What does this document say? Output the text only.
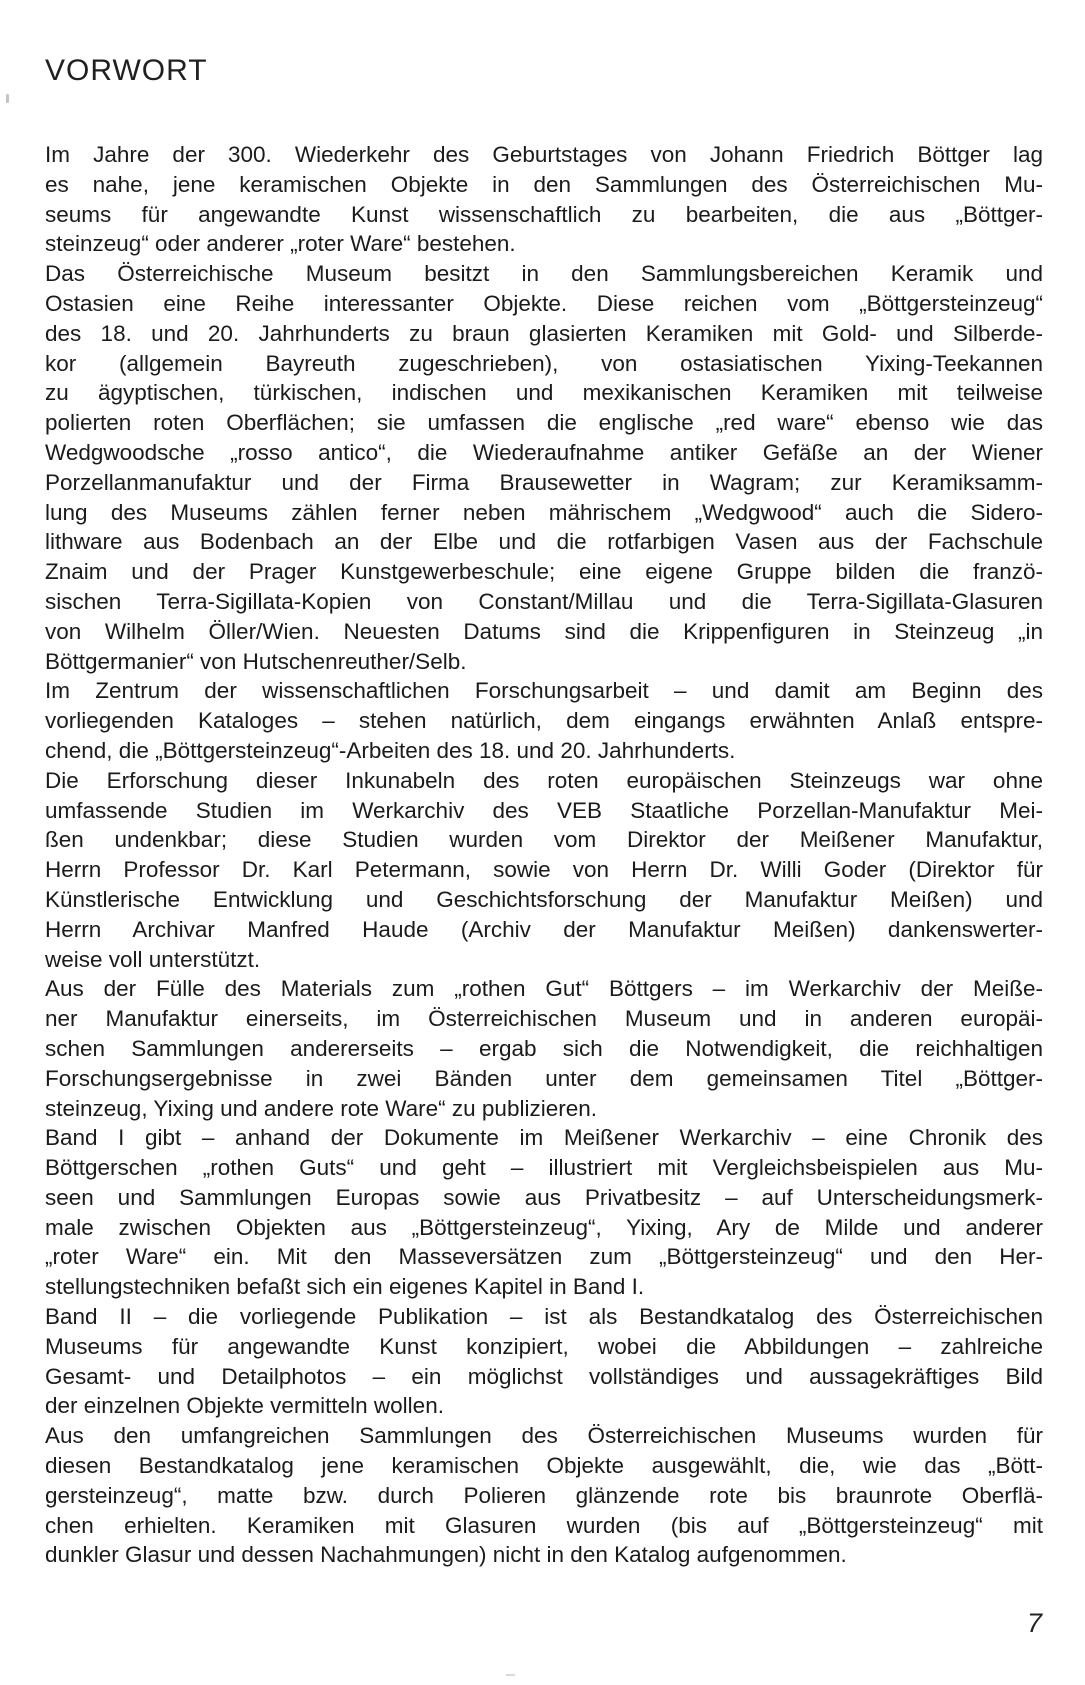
VORWORT
Im Jahre der 300. Wiederkehr des Geburtstages von Johann Friedrich Böttger lag
es nahe, jene keramischen Objekte in den Sammlungen des Österreichischen Mu-
seums für angewandte Kunst wissenschaftlich zu bearbeiten, die aus „Böttger-
steinzeug“ oder anderer „roter Ware“ bestehen.
Das Österreichische Museum besitzt in den Sammlungsbereichen Keramik und
Ostasien eine Reihe interessanter Objekte. Diese reichen vom „Böttgersteinzeug“
des 18. und 20. Jahrhunderts zu braun glasierten Keramiken mit Gold- und Silberde-
kor (allgemein Bayreuth zugeschrieben), von ostasiatischen Yixing-Teekannen
zu ägyptischen, türkischen, indischen und mexikanischen Keramiken mit teilweise
polierten roten Oberflächen; sie umfassen die englische „red ware“ ebenso wie das
Wedgwoodsche „rosso antico“, die Wiederaufnahme antiker Gefäße an der Wiener
Porzellanmanufaktur und der Firma Brausewetter in Wagram; zur Keramiksamm-
lung des Museums zählen ferner neben mährischem „Wedgwood“ auch die Sidero-
lithware aus Bodenbach an der Elbe und die rotfarbigen Vasen aus der Fachschule
Znaim und der Prager Kunstgewerbeschule; eine eigene Gruppe bilden die franzö-
sischen Terra-Sigillata-Kopien von Constant/Millau und die Terra-Sigillata-Glasuren
von Wilhelm Öller/Wien. Neuesten Datums sind die Krippenfiguren in Steinzeug „in
Böttgermanier“ von Hutschenreuther/Selb.
Im Zentrum der wissenschaftlichen Forschungsarbeit – und damit am Beginn des
vorliegenden Kataloges – stehen natürlich, dem eingangs erwähnten Anlaß entspre-
chend, die „Böttgersteinzeug“-Arbeiten des 18. und 20. Jahrhunderts.
Die Erforschung dieser Inkunabeln des roten europäischen Steinzeugs war ohne
umfassende Studien im Werkarchiv des VEB Staatliche Porzellan-Manufaktur Mei-
ßen undenkbar; diese Studien wurden vom Direktor der Meißener Manufaktur,
Herrn Professor Dr. Karl Petermann, sowie von Herrn Dr. Willi Goder (Direktor für
Künstlerische Entwicklung und Geschichtsforschung der Manufaktur Meißen) und
Herrn Archivar Manfred Haude (Archiv der Manufaktur Meißen) dankenswerter-
weise voll unterstützt.
Aus der Fülle des Materials zum „rothen Gut“ Böttgers – im Werkarchiv der Meiße-
ner Manufaktur einerseits, im Österreichischen Museum und in anderen europäi-
schen Sammlungen andererseits – ergab sich die Notwendigkeit, die reichhaltigen
Forschungsergebnisse in zwei Bänden unter dem gemeinsamen Titel „Böttger-
steinzeug, Yixing und andere rote Ware“ zu publizieren.
Band I gibt – anhand der Dokumente im Meißener Werkarchiv – eine Chronik des
Böttgerschen „rothen Guts“ und geht – illustriert mit Vergleichsbeispielen aus Mu-
seen und Sammlungen Europas sowie aus Privatbesitz – auf Unterscheidungsmerk-
male zwischen Objekten aus „Böttgersteinzeug“, Yixing, Ary de Milde und anderer
„roter Ware“ ein. Mit den Masseversätzen zum „Böttgersteinzeug“ und den Her-
stellungstechniken befaßt sich ein eigenes Kapitel in Band I.
Band II – die vorliegende Publikation – ist als Bestandkatalog des Österreichischen
Museums für angewandte Kunst konzipiert, wobei die Abbildungen – zahlreiche
Gesamt- und Detailphotos – ein möglichst vollständiges und aussagekräftiges Bild
der einzelnen Objekte vermitteln wollen.
Aus den umfangreichen Sammlungen des Österreichischen Museums wurden für
diesen Bestandkatalog jene keramischen Objekte ausgewählt, die, wie das „Bött-
gersteinzeug“, matte bzw. durch Polieren glänzende rote bis braunrote Oberflä-
chen erhielten. Keramiken mit Glasuren wurden (bis auf „Böttgersteinzeug“ mit
dunkler Glasur und dessen Nachahmungen) nicht in den Katalog aufgenommen.
7
